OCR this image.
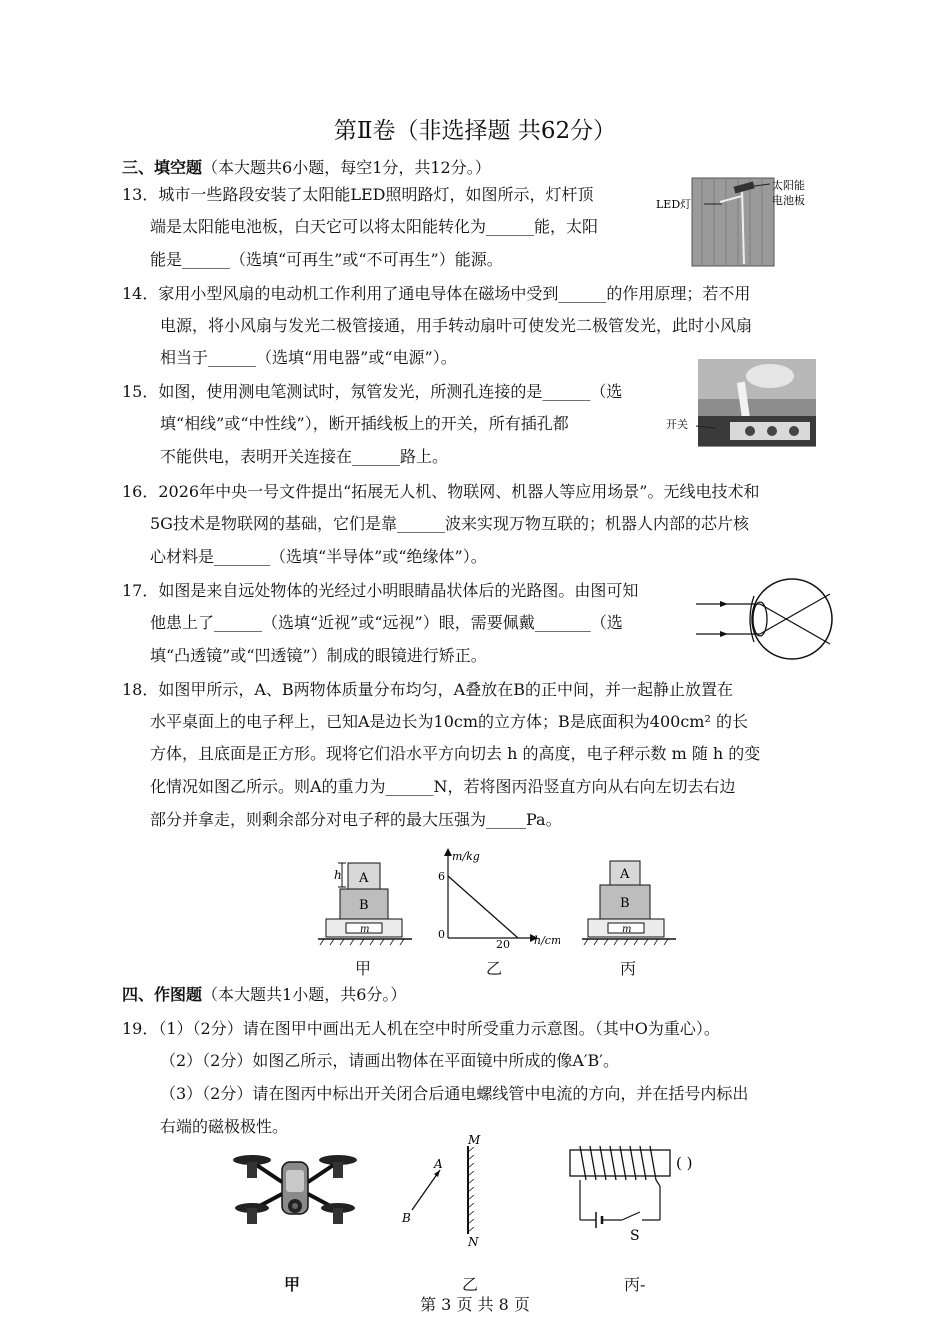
第Ⅱ卷（非选择题 共62分）
三、填空题（本大题共6小题，每空1分，共12分。）
13．城市一些路段安装了太阳能LED照明路灯，如图所示，灯杆顶
端是太阳能电池板，白天它可以将太阳能转化为______能，太阳
能是______（选填“可再生”或“不可再生”）能源。
LED灯
太阳能
电池板
14．家用小型风扇的电动机工作利用了通电导体在磁场中受到______的作用原理；若不用
电源，将小风扇与发光二极管接通，用手转动扇叶可使发光二极管发光，此时小风扇
相当于______（选填“用电器”或“电源”）。
15．如图，使用测电笔测试时，氖管发光，所测孔连接的是______（选
填“相线”或“中性线”），断开插线板上的开关，所有插孔都
不能供电，表明开关连接在______路上。
开关
16．2026年中央一号文件提出“拓展无人机、物联网、机器人等应用场景”。无线电技术和
5G技术是物联网的基础，它们是靠______波来实现万物互联的；机器人内部的芯片核
心材料是_______（选填“半导体”或“绝缘体”）。
17．如图是来自远处物体的光经过小明眼睛晶状体后的光路图。由图可知
他患上了______（选填“近视”或“远视”）眼，需要佩戴_______（选
填“凸透镜”或“凹透镜”）制成的眼镜进行矫正。
18．如图甲所示，A、B两物体质量分布均匀，A叠放在B的正中间，并一起静止放置在
水平桌面上的电子秤上，已知A是边长为10cm的立方体；B是底面积为400cm² 的长
方体，且底面是正方形。现将它们沿水平方向切去 h 的高度，电子秤示数 m 随 h 的变
化情况如图乙所示。则A的重力为______N，若将图丙沿竖直方向从右向左切去右边
部分并拿走，则剩余部分对电子秤的最大压强为_____Pa。
h A
B
m
m/kg
h/cm
6
0
20
A
B
m
甲	乙	丙
四、作图题（本大题共1小题，共6分。）
19．（1）（2分）请在图甲中画出无人机在空中时所受重力示意图。（其中O为重心）。
（2）（2分）如图乙所示，请画出物体在平面镜中所成的像A′B′。
（3）（2分）请在图丙中标出开关闭合后通电螺线管中电流的方向，并在括号内标出
右端的磁极极性。
M
N
A
B
S
( )
甲	乙	丙-
第 3 页 共 8 页
